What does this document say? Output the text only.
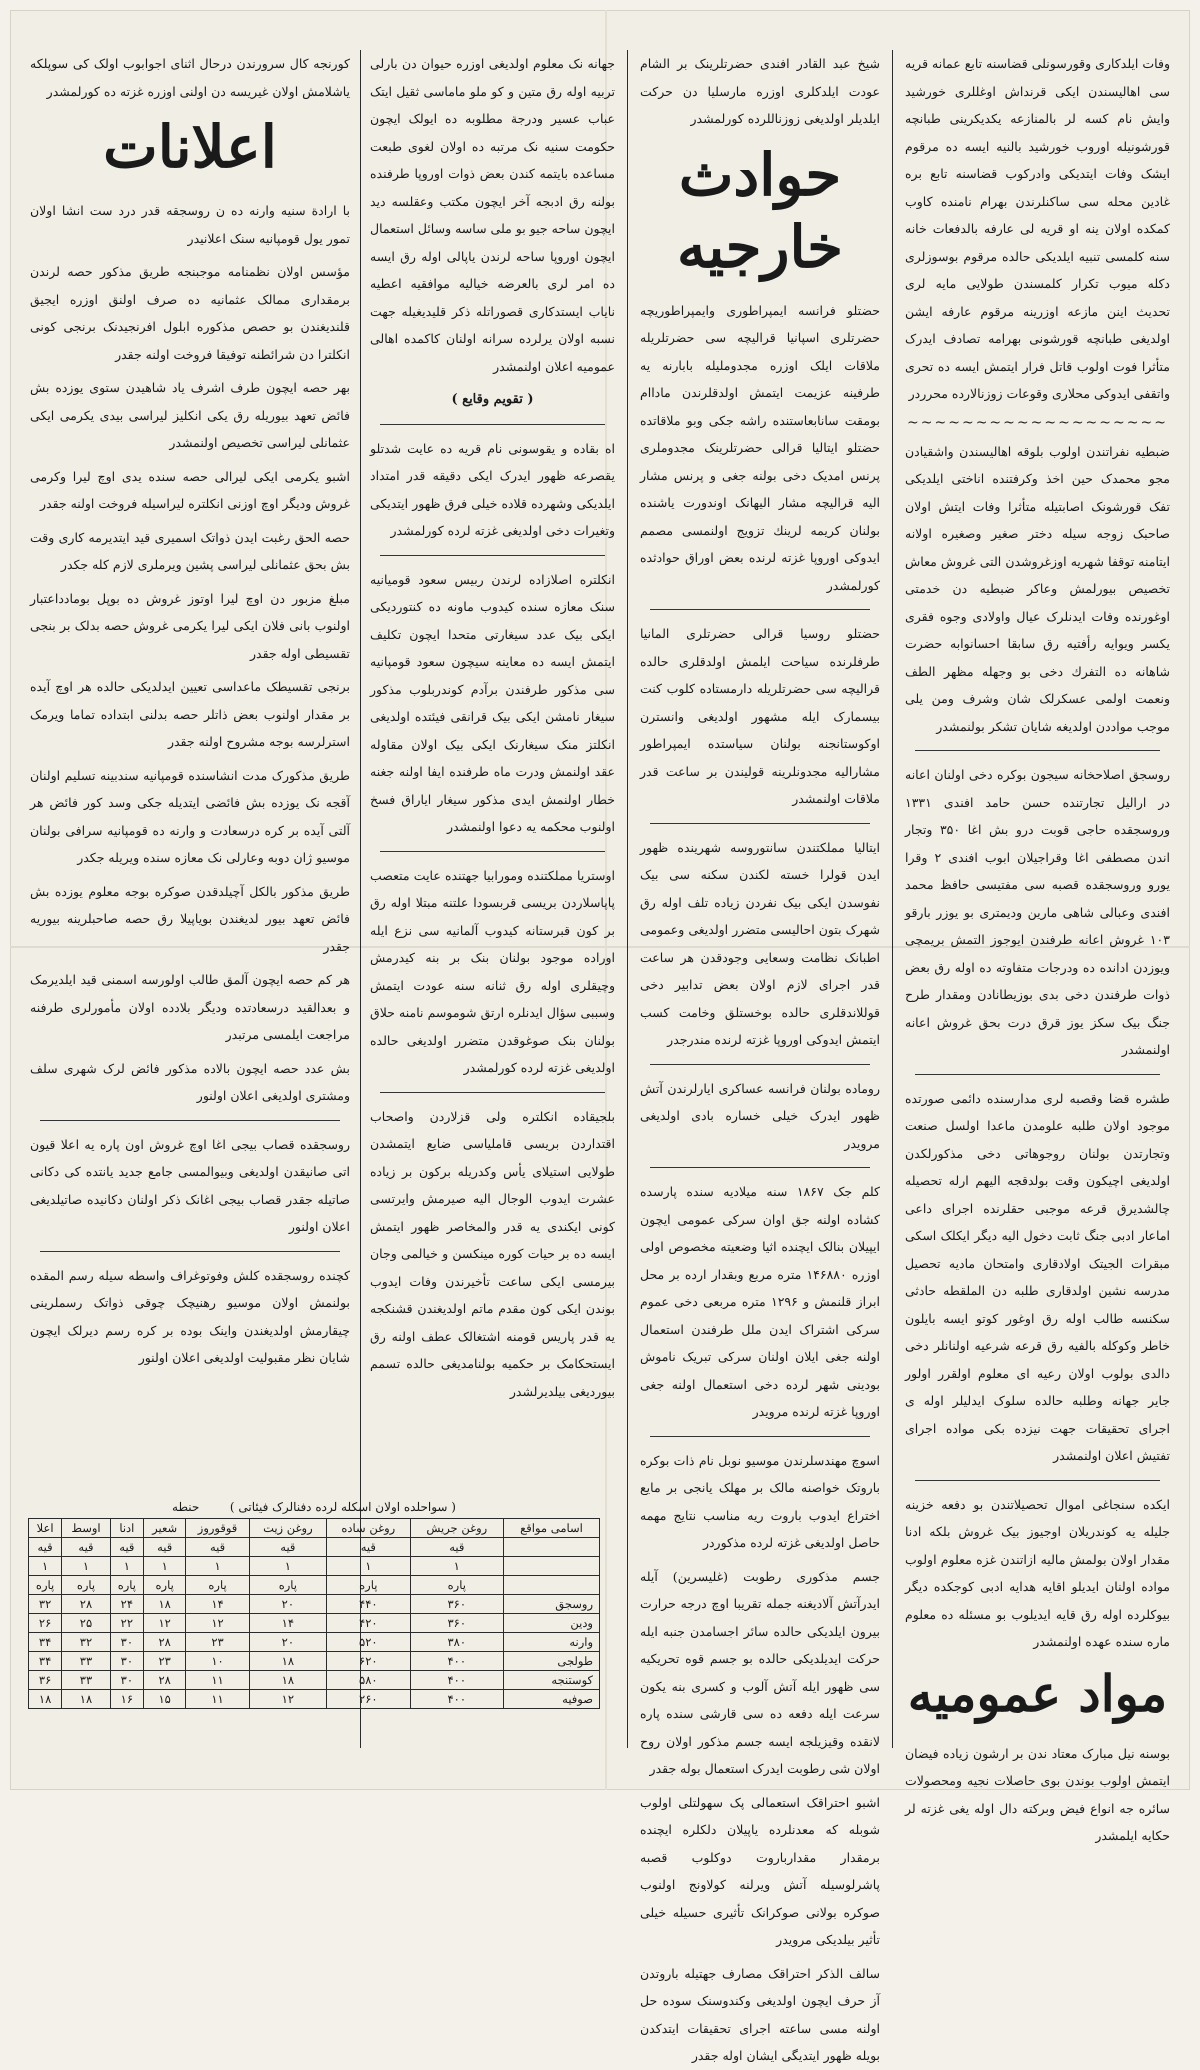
وفات ایلدکاری وقورسونلی قضاسنه تابع عمانه قریه سی اهالیسندن ایکی قرنداش اوغللری خورشید وایش نام کسه لر بالمنازعه یکدیکرینی طبانچه قورشونیله اوروب خورشید بالنیه ایسه ده مرقوم ایشک وفات ایتدیکی وادرکوب قضاسنه تابع بره غادین محله سی ساکنلرندن بهرام نامنده کاوب کمکده اولان ینه او قریه لی عارفه بالدفعات خانه سنه کلمسی تنبیه ایلدیکی حالده مرقوم بوسوزلری دکله میوب تکرار کلمسندن طولایی مایه لری تحدیث اینن مازعه اوزرینه مرقوم عارفه ایشن اولدیغی طبانچه قورشونی بهرامه تصادف ایدرک متأثرا فوت اولوب قاتل فرار ایتمش ایسه ده تحری واتقفی ایدوکی محلاری وقوعات زوزنالارده محرردر

~~~~~~~~~~~~~~~~~~~

ضبطیه نفراتندن اولوب بلوقه اهالیسندن واشقیادن مجو محمدک حین اخذ وکرفتنده اناختی ایلدیکی تفک قورشونک اصابتیله متأثرا وفات ایتش اولان صاحبک زوجه سیله دختر صغیر وصغیره اولانه ایتامنه توقفا شهریه اوزغروشدن التی غروش معاش تخصیص بیورلمش وعاکر ضبطیه دن خدمتی اوغورنده وفات ایدنلرک عیال واولادی وجوه فقری یکسر ویوایه رأفتیه رق سابقا احسانوابه حضرت شاهانه ده التفرك دخی بو وجهله مظهر الطف ونعمت اولمی عسکرلک شان وشرف ومن یلی موجب مواددن اولدیغه شایان تشکر بولنمشدر

روسجق اصلاحخانه سیجون بوکره دخی اولنان اعانه در ارالیل تجارتنده حسن حامد افندی ۱۳۳۱ وروسجقده حاجی قوبت درو بش اغا ۳۵۰ وتجار اندن مصطفی اغا وقراجیلان ابوب افندی ۲ وقرا یورو وروسجقده قصبه سی مفتیسی حافظ محمد افندی وعبالی شاهی مارین ودیمتری بو یوزر بارقو ۱۰۳ غروش اعانه طرفندن ایوجوز التمش بریمچی ویوزدن ادانده ده ودرجات متفاوته ده اوله رق بعض ذوات طرفندن دخی بدی بوزیطانادن ومقدار طرح جنگ بیک سکز یوز قرق درت بحق غروش اعانه اولنمشدر

طشره قضا وقصبه لری مدارسنده دائمی صورتده موجود اولان طلبه علومدن ماعدا اولسل صنعت وتجارتدن بولنان روجوهاتی دخی مذکورلکدن اولدیغی اچیکون وقت بولدقجه الیهم ارله تحصیله چالشدیرق قرعه موجبی حقلرنده اجرای داعی اماعار ادبی جنگ ثابت دخول الیه دیگر ایکلک اسکی مبقرات الجیتک اولادقاری وامتحان مادیه تحصیل مدرسه نشین اولدقاری طلبه دن الملقطه حادثی سکنسه طالب اوله رق اوغور کوتو ایسه بایلون خاطر وکوکله بالفیه رق قرعه شرعیه اولنانلر دخی دالدی بولوب اولان رعیه ای معلوم اولقرر اولور جایر جهانه وطلبه حالده سلوک ایدلیلر اوله ی اجرای تحقیقات جهت نیزده بکی مواده اجرای تفتیش اعلان اولنمشدر

ایکده سنجاغی اموال تحصیلاتندن بو دفعه خزینه جلیله یه کوندریلان اوجیوز بیک غروش بلکه ادنا مقدار اولان بولمش مالیه ازاتندن غزه معلوم اولوب مواده اولنان ایدیلو اقایه هدایه ادبی کوجکده دیگر بیوکلرده اوله رق قایه ایدیلوب بو مسئله ده معلوم ماره سنده عهده اولنمشدر

مواد عمومیه

بوسنه نیل مبارک معتاد ندن بر ارشون زیاده فیضان ایتمش اولوب بوندن بوی حاصلات نجیه ومحصولات سائره جه انواع فیض وبرکته دال اوله یغی غزته لر حکایه ایلمشدر

شیخ عبد القادر افندی حضرتلرینک بر الشام عودت ایلدکلری اوزره مارسلیا دن حرکت ایلدیلر اولدیغی زوزناللرده کورلمشدر

حوادث خارجیه

حضتلو فرانسه ایمپراطوری وایمپراطوریچه حضرتلری اسپانیا قرالیچه سی حضرتلریله ملاقات ایلک اوزره مجدوملیله بابارنه یه طرفینه عزیمت ایتمش اولدقلرندن ماداام بومقت سانابعاستنده راشه جکی وبو ملاقاتده حضتلو ایتالیا قرالی حضرتلرینک مجدوملری پرنس امدیک دخی بولنه جغی و پرنس مشار الیه قرالیچه مشار الیهانک اوندورت یاشنده بولنان كريمه لرينك تزويج اولنمسى مصمم ايدوكى اوروپا غزته لرنده بعض اوراق حوادثده كورلمشدر

حضتلو روسیا قرالی حضرتلری المانیا طرفلرنده سیاحت ایلمش اولدقلری حالده قرالیچه سی حضرتلریله دارمستاده کلوب کنت بیسمارک ایله مشهور اولدیغی وانسترن اوکوستانجنه بولنان سیاستده ایمپراطور مشارالیه مجدونلرینه قولیندن بر ساعت قدر ملاقات اولنمشدر

ایتالیا مملکتندن سانتوروسه شهرینده ظهور ایدن قولرا خسته لکندن سکنه سی بیک نفوسدن ایکی بیک نفردن زیاده تلف اوله رق شهرک بتون احالیسی متضرر اولدیغی وعمومی اطبانک نظامت وسعایی وجودقدن هر ساعت قدر اجرای لازم اولان بعض تدابیر دخی قوللاندقلری حالده بوخستلق وخامت کسب ایتمش ایدوکی اوروپا غزته لرنده مندرجدر

روماده بولنان فرانسه عساکری ایارلرندن آتش ظهور ایدرک خیلی خساره بادی اولدیغی مرویدر

کلم جک ۱۸۶۷ سنه میلادیه سنده پارسده کشاده اولنه جق اوان سرکی عمومی ایچون ایپیلان بنالک ایچنده اثیا وضعیته مخصوص اولی اوزره ۱۴۶۸۸۰ متره مربع وبقدار ارده بر محل ابراز قلنمش و ۱۲۹۶ متره مربعی دخی عموم سرکی اشتراک ایدن ملل طرفندن استعمال اولنه جغی ایلان اولنان سرکی تبریک ناموش بودینی شهر لرده دخی استعمال اولنه جغی اوروپا غزته لرنده مرویدر

اسوچ مهندسلرندن موسیو نوبل نام ذات بوکره باروتک خواصنه مالک بر مهلک یانجی بر مایع اختراع ایدوب باروت ریه مناسب نتایج مهمه حاصل اولدیغی غزته لرده مذکوردر

جسم مذکوری رطوبت (غلیسرین) آیله ایدرآتش آلادیغنه جمله تقریبا اوچ درجه حرارت بیرون ایلدیکی حالده سائر اجسامدن جنبه ایله حرکت ایدیلدیکی حالده بو جسم قوه تحریکیه سی ظهور ایله آتش آلوب و کسری بنه یکون سرعت ایله دفعه ده سی قارشی سنده پاره لانقده وقیزیلجه ایسه جسم مذکور اولان روح اولان شی رطوبت ایدرک استعمال بوله جقدر

اشبو احتراقک استعمالی پک سهولتلی اولوب شوبله که معدنلرده یاپیلان دلکلره ایچنده برمقدار مقدارباروت دوکلوب قصبه پاشرلوسیله آتش ویرلنه کولاونج اولنوب صوکره بولانی صوکرانک تأثیری حسیله خیلی تأثیر بیلدیکی مرویدر

سالف الذکر احتراقک مصارف جهتیله باروتدن آز حرف ایچون اولدیغی وکندوسنک سوده حل اولنه مسی ساعته اجرای تحقیقات ایتدکدن بویله ظهور ایتدیگی ایشان اوله جقدر

جهانه نک معلوم اولدیغی اوزره حیوان دن بارلی تربیه اوله رق متین و کو ملو ماماسی ثقیل ایتک عباب عسیر ودرجة مطلوبه ده ایولک ایچون حکومت سنیه نک مرتبه ده اولان لغوی طبعت مساعده بایتمه کندن بعض ذوات اوروپا طرفنده بولنه رق ادبجه آخر ایچون مکتب وعقلسه دید ایچون ساحه جیو بو ملی ساسه وسائل استعمال ایچون اوروپا ساحه لرندن یاپالی اوله رق ایسه ده امر لری بالعرضه خیالیه موافقیه اعطیه نایاب ایستدکاری قصوراتله ذکر قلیدیغیله جهت نسبه اولان یرلرده سرانه اولنان کاکمده اهالی عمومیه اعلان اولنمشدر

( تقویم وقایع )

اه بقاده و یقوسونی نام قریه ده عایت شدتلو یقصرعه ظهور ایدرک ایکی دقیقه قدر امتداد ایلدیکی وشهرده قلاده خیلی فرق ظهور ایتدیکی وتغیرات دخی اولدیغی غزته لرده کورلمشدر

انکلتره اصلازاده لرندن ربیس سعود قومیانیه سنک معازه سنده کیدوب ماونه ده کنتوردیکی ایکی بیک عدد سیغارتی متحدا ایچون تکلیف ایتمش ایسه ده معاینه سیچون سعود قومپانیه سی مذکور طرفندن برآدم کوندربلوب مذکور سیغار نامشن ایکی بیک قرانقی فیئتده اولدیغی انکلتز منک سیغارنک ایکی بیک اولان مقاوله عقد اولنمش ودرت ماه طرفنده ایفا اولنه جغنه خطار اولنمش ایدی مذکور سیغار ایاراق فسخ اولنوب محکمه یه دعوا اولنمشدر

اوستریا مملکتنده ومورابیا جهتنده عایت متعصب پاپاسلاردن بریسی قربسودا علتنه مبتلا اوله رق بر کون قبرستانه کیدوب آلمانیه سی نزع ایله اوراده موجود بولنان بنک بر بنه کیدرمش وچیقلری اوله رق ثنانه سنه عودت ایتمش وسببی سؤال ایدنلره ارتق شوموسم نامنه حلاق بولنان بنک صوغوقدن متضرر اولدیغی حالده اولدیغی غزته لرده کورلمشدر

بلجیقاده انکلتره ولی قزلاردن واصحاب اقتداردن بریسی قاملیاسی ضایع ایتمشدن طولایی استیلای یأس وکدریله برکون بر زیاده عشرت ایدوب الوجال الیه صیرمش وایرتسی کونی ایکندی یه قدر والمخاصر ظهور ایتمش ایسه ده بر حیات کوره مینکسن و خیالمی وجان بیرمسی ایکی ساعت تأخیرندن وفات ایدوب بوندن ایکی کون مقدم ماتم اولدیغندن قشنکجه یه قدر پاریس قومنه اشتغالک عطف اولنه رق ایستحکامک بر حکمیه بولنامدیغی حالده تسمم بیوردیغی بیلدیرلشدر

کورنجه کال سرورندن درحال اثنای اجوابوب اولک کی سوپلکه یاشلامش اولان غیریسه دن اولنی اوزره غزته ده کورلمشدر

اعلانات

با ارادة سنیه وارنه ده ن روسجقه قدر درد ست انشا اولان تمور یول قومپانیه سنک اعلانیدر

مؤسس اولان نظمنامه موجبنجه طریق مذکور حصه لرندن برمقداری ممالک عثمانیه ده صرف اولنق اوزره ایجیق قلندیغندن بو حصص مذکوره ابلول افرنجیدنک برنجی کونی انکلترا دن شرائطنه توفیقا فروخت اولنه جقدر

بهر حصه ایچون طرف اشرف یاد شاهیدن ستوی یوزده بش فائض تعهد بیوریله رق یکی انکلیز لیراسی بیدی یکرمی ایکی عثمانلی لیراسی تخصیص اولنمشدر

اشبو یکرمی ایکی لیرالی حصه سنده یدی اوچ لیرا وکرمی غروش ودیگر اوچ اوزنی انکلتره لیراسیله فروخت اولنه جقدر

حصه الحق رغبت ایدن ذواتک اسمیری قید ایتدیرمه کاری وقت بش بحق عثمانلی لیراسی پشین ویرملری لازم کله جکدر

مبلغ مزبور دن اوچ لیرا اوتوز غروش ده بوپل بومادداعتبار اولنوب بانی فلان ایکی لیرا یکرمی غروش حصه بدلک بر بنجی تقسیطی اوله جقدر

برنجی تقسیطک ماعداسی تعیین ایدلدیکی حالده هر اوچ آیده بر مقدار اولنوب بعض ذاتلر حصه بدلنی ابتداده تماما ویرمک استرلرسه بوجه مشروح اولنه جقدر

طریق مذکورک مدت انشاسنده قومپانیه سندبینه تسلیم اولنان آقجه نک یوزده بش فائضی ایتدیله جکی وسد کور فائض هر آلتی آیده بر کره درسعادت و وارنه ده قومپانیه سرافی بولنان موسیو ژان دوبه وعارلی نک معازه سنده ویریله جکدر

طریق مذکور بالکل آچیلدقدن صوکره بوجه معلوم یوزده بش فائض تعهد بیور لدیغندن بویاپیلا رق حصه صاحبلرینه بیوریه جقدر

هر کم حصه ایچون آلمق طالب اولورسه اسمنی قید ایلدیرمک و بعدالقید درسعادتده ودیگر بلادده اولان مأمورلری طرفنه مراجعت ایلمسی مرتبدر

بش عدد حصه ایچون بالاده مذکور فائض لرک شهری سلف ومشتری اولدیغی اعلان اولنور

روسجقده قصاب بیجی اغا اوچ غروش اون پاره یه اعلا قیون اتی صانیقدن اولدیغی وبیوالمسی جامع جدید یانتده کی دکانی صاتیله جقدر قصاب بیجی اغانک ذکر اولنان دکانیده صاتیلدیغی اعلان اولنور

کچنده روسجقده کلش وفوتوغراف واسطه سیله رسم المقده بولنمش اولان موسیو رهنیچک چوقی ذواتک رسملرینی چیقارمش اولدیغندن واینک بوده بر کره رسم دیرلک ایچون شایان نظر مقبولیت اولدیغی اعلان اولنور

( سواحلده اولان اسکله لرده دفنالرک فیئاتی )        حنطه
اسامی مواقع	روغن جریش	روغن ساده	روغن زیت	قوقوروز	شعیر	ادنا	اوسط	اعلا
	قیه	قیه	قیه	قیه	قیه	قیه	قیه	قیه
	۱	۱	۱	۱	۱	۱	۱	۱
	پاره	پاره	پاره	پاره	پاره	پاره	پاره	پاره
روسجق	۳۶۰	۴۴۰	۲۰	۱۴	۱۸	۲۴	۲۸	۳۲
ودین	۳۶۰	۴۲۰	۱۴	۱۲	۱۲	۲۲	۲۵	۲۶
وارنه	۳۸۰	۵۲۰	۲۰	۲۳	۲۸	۳۰	۳۲	۳۴
طولجی	۴۰۰	۶۲۰	۱۸	۱۰	۲۳	۳۰	۳۳	۳۴
کوستنجه	۴۰۰	۵۸۰	۱۸	۱۱	۲۸	۳۰	۳۳	۳۶
صوفیه	۴۰۰	۲۶۰	۱۲	۱۱	۱۵	۱۶	۱۸	۱۸
